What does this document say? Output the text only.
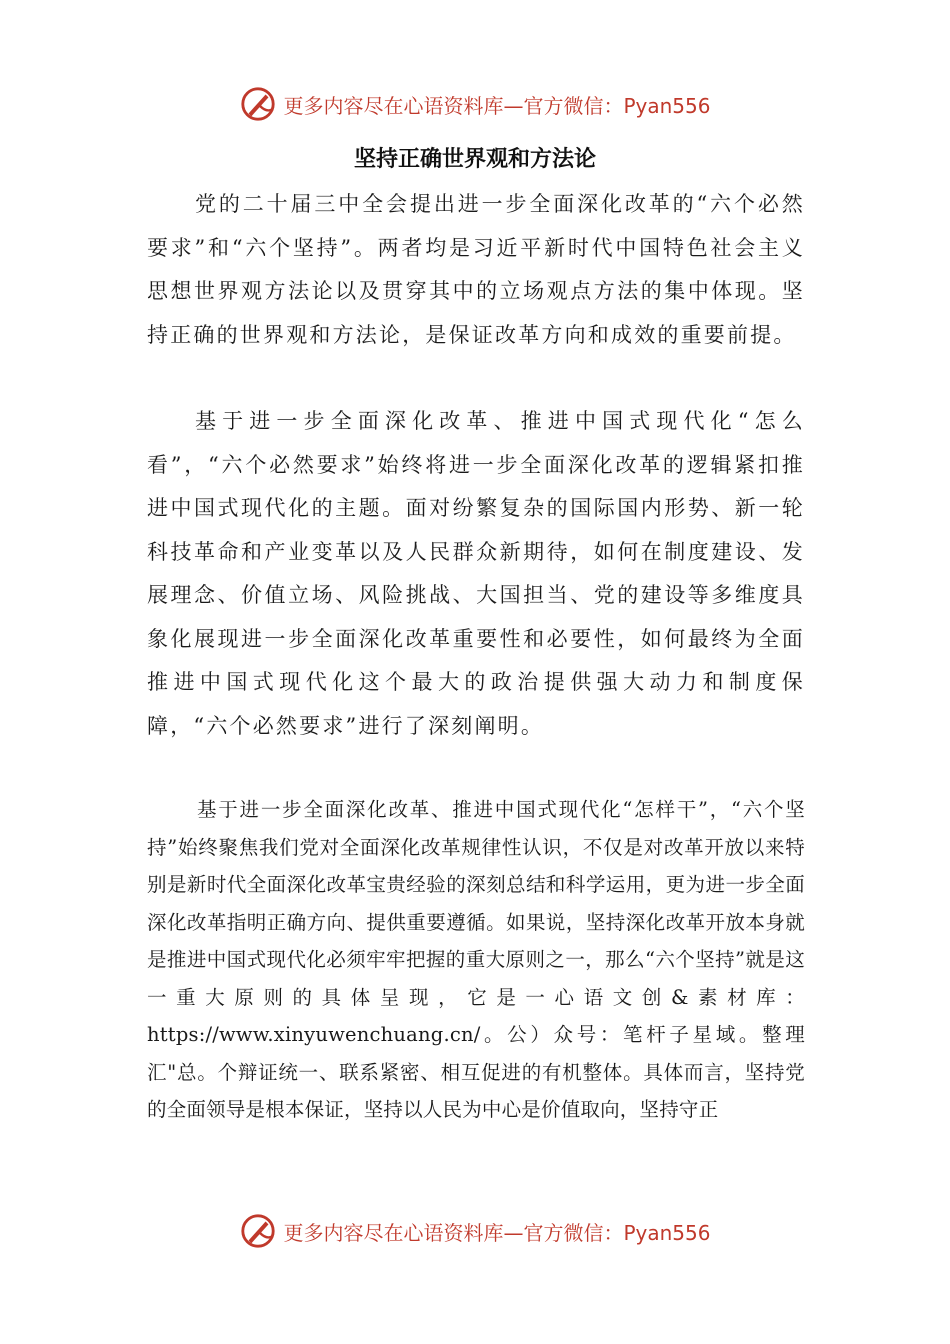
更多内容尽在心语资料库—官方微信：Pyan556
坚持正确世界观和方法论

党的二十届三中全会提出进一步全面深化改革的“六个必然要求”和“六个坚持”。两者均是习近平新时代中国特色社会主义思想世界观方法论以及贯穿其中的立场观点方法的集中体现。坚持正确的世界观和方法论，是保证改革方向和成效的重要前提。

基于进一步全面深化改革、推进中国式现代化“怎么看”，“六个必然要求”始终将进一步全面深化改革的逻辑紧扣推进中国式现代化的主题。面对纷繁复杂的国际国内形势、新一轮科技革命和产业变革以及人民群众新期待，如何在制度建设、发展理念、价值立场、风险挑战、大国担当、党的建设等多维度具象化展现进一步全面深化改革重要性和必要性，如何最终为全面推进中国式现代化这个最大的政治提供强大动力和制度保障，“六个必然要求”进行了深刻阐明。

基于进一步全面深化改革、推进中国式现代化“怎样干”，“六个坚持”始终聚焦我们党对全面深化改革规律性认识，不仅是对改革开放以来特别是新时代全面深化改革宝贵经验的深刻总结和科学运用，更为进一步全面深化改革指明正确方向、提供重要遵循。如果说，坚持深化改革开放本身就是推进中国式现代化必须牢牢把握的重大原则之一，那么“六个坚持”就是这一重大原则的具体呈现，它是一心语文创&素材库：https://www.xinyuwenchuang.cn/。公）众号：笔杆子星域。整理汇"总。个辩证统一、联系紧密、相互促进的有机整体。具体而言，坚持党的全面领导是根本保证，坚持以人民为中心是价值取向，坚持守正

更多内容尽在心语资料库—官方微信：Pyan556
